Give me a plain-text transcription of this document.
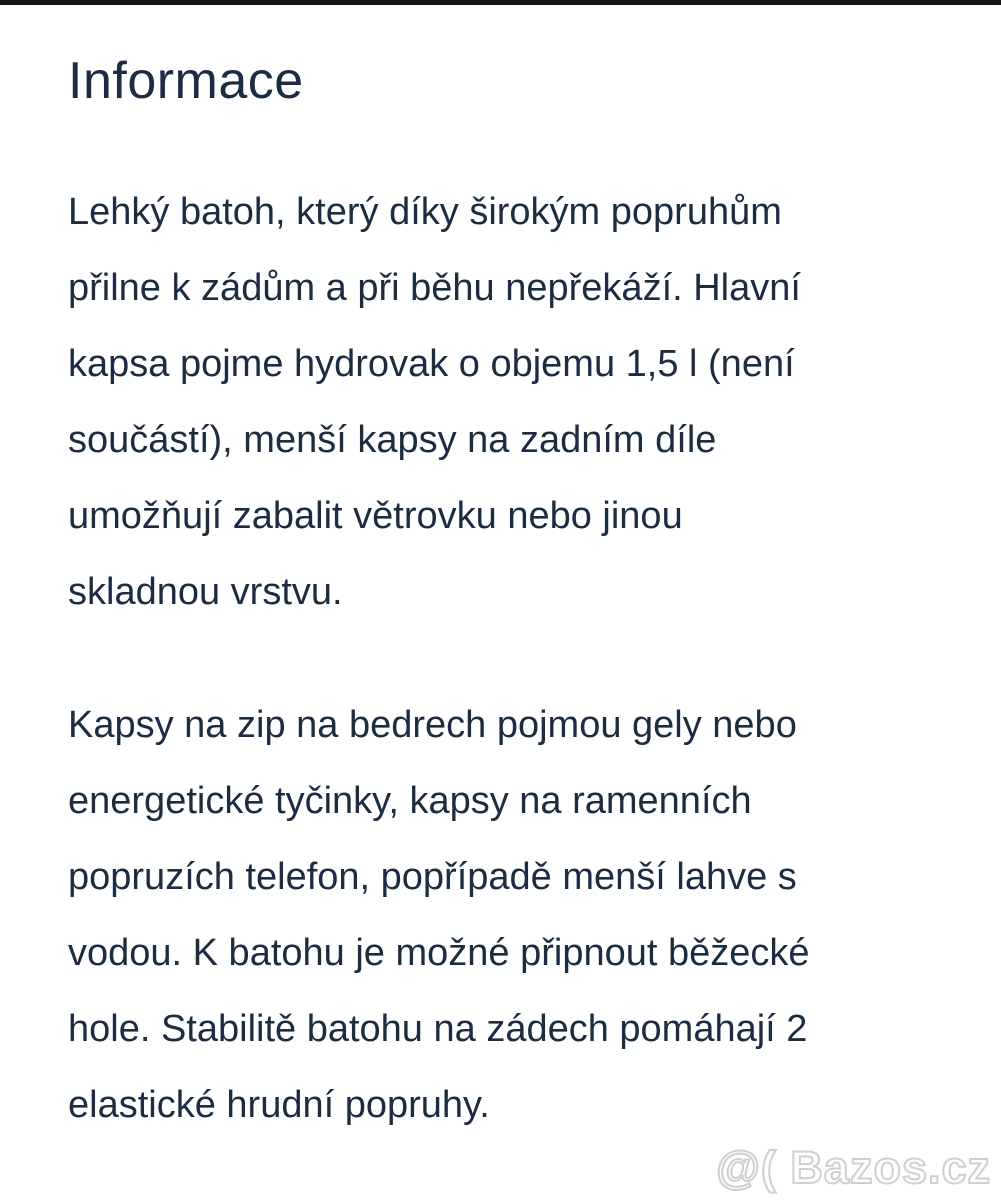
Informace
Lehký batoh, který díky širokým popruhům
přilne k zádům a při běhu nepřekáží. Hlavní
kapsa pojme hydrovak o objemu 1,5 l (není
součástí), menší kapsy na zadním díle
umožňují zabalit větrovku nebo jinou
skladnou vrstvu.
Kapsy na zip na bedrech pojmou gely nebo
energetické tyčinky, kapsy na ramenních
popruzích telefon, popřípadě menší lahve s
vodou. K batohu je možné připnout běžecké
hole. Stabilitě batohu na zádech pomáhají 2
elastické hrudní popruhy.
@( Bazos.cz
